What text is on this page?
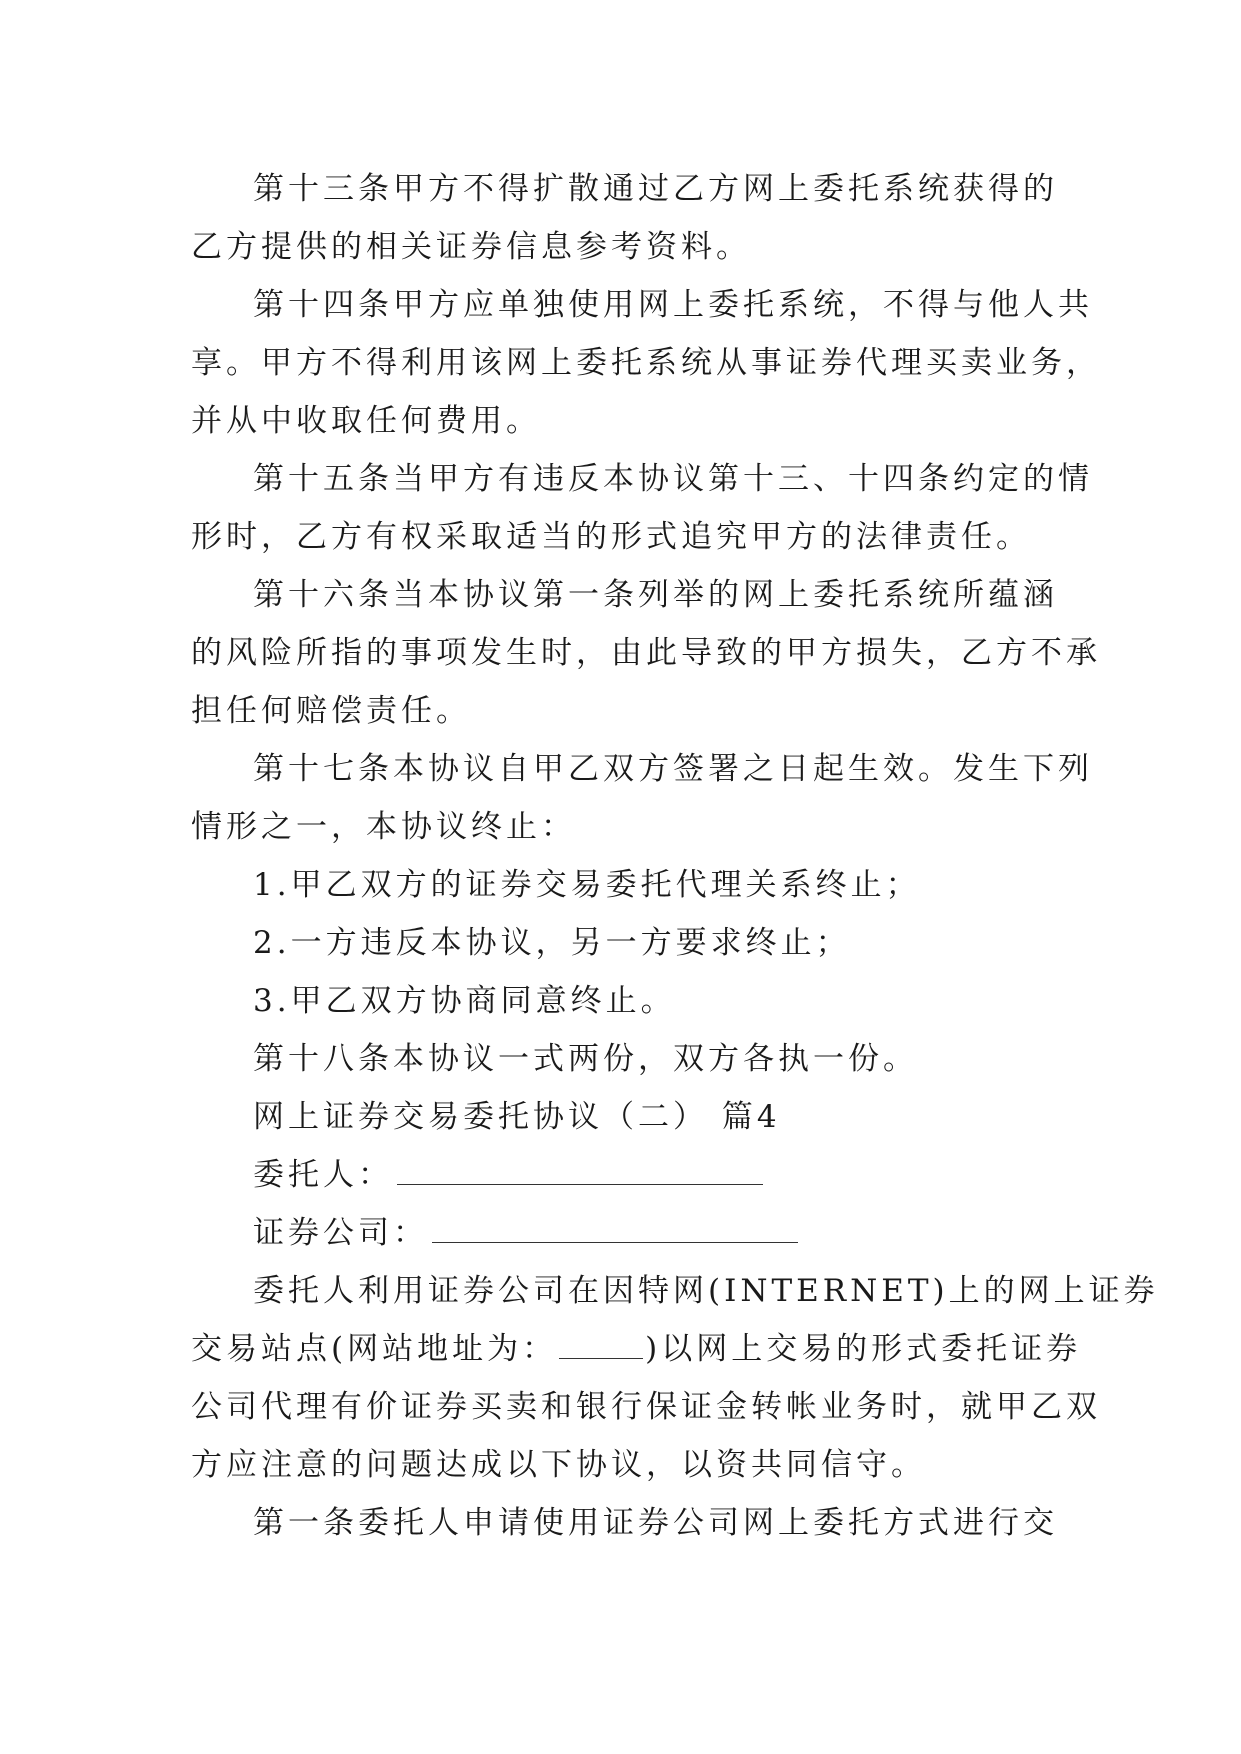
第十三条甲方不得扩散通过乙方网上委托系统获得的
乙方提供的相关证券信息参考资料。
第十四条甲方应单独使用网上委托系统，不得与他人共
享。甲方不得利用该网上委托系统从事证券代理买卖业务，
并从中收取任何费用。
第十五条当甲方有违反本协议第十三、十四条约定的情
形时，乙方有权采取适当的形式追究甲方的法律责任。
第十六条当本协议第一条列举的网上委托系统所蕴涵
的风险所指的事项发生时，由此导致的甲方损失，乙方不承
担任何赔偿责任。
第十七条本协议自甲乙双方签署之日起生效。发生下列
情形之一，本协议终止：
1.甲乙双方的证券交易委托代理关系终止；
2.一方违反本协议，另一方要求终止；
3.甲乙双方协商同意终止。
第十八条本协议一式两份，双方各执一份。
网上证券交易委托协议（二） 篇4
委托人：
证券公司：
委托人利用证券公司在因特网(INTERNET)上的网上证券
交易站点(网站地址为：	)以网上交易的形式委托证券
公司代理有价证券买卖和银行保证金转帐业务时，就甲乙双
方应注意的问题达成以下协议，以资共同信守。
第一条委托人申请使用证券公司网上委托方式进行交
